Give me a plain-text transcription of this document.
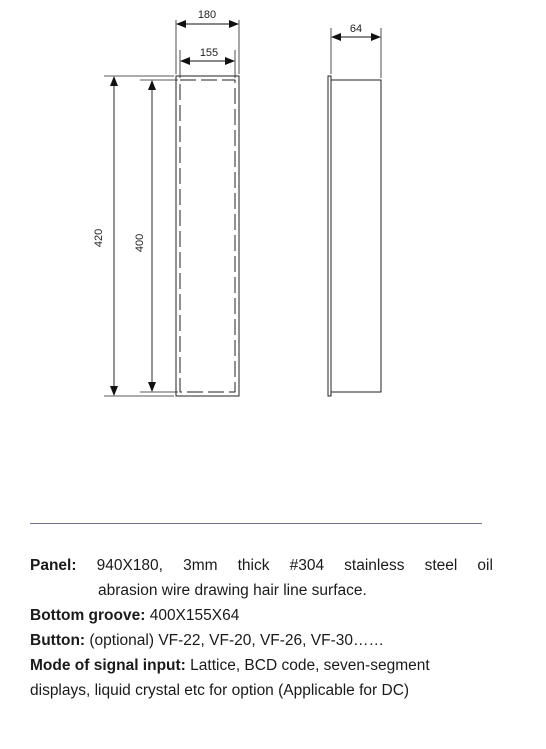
180
155
420	400
64
Panel: 940X180, 3mm thick #304 stainless steel oil
abrasion wire drawing hair line surface.
Bottom groove: 400X155X64
Button: (optional) VF-22, VF-20, VF-26, VF-30……
Mode of signal input: Lattice, BCD code, seven-segment
displays, liquid crystal etc for option (Applicable for DC)
